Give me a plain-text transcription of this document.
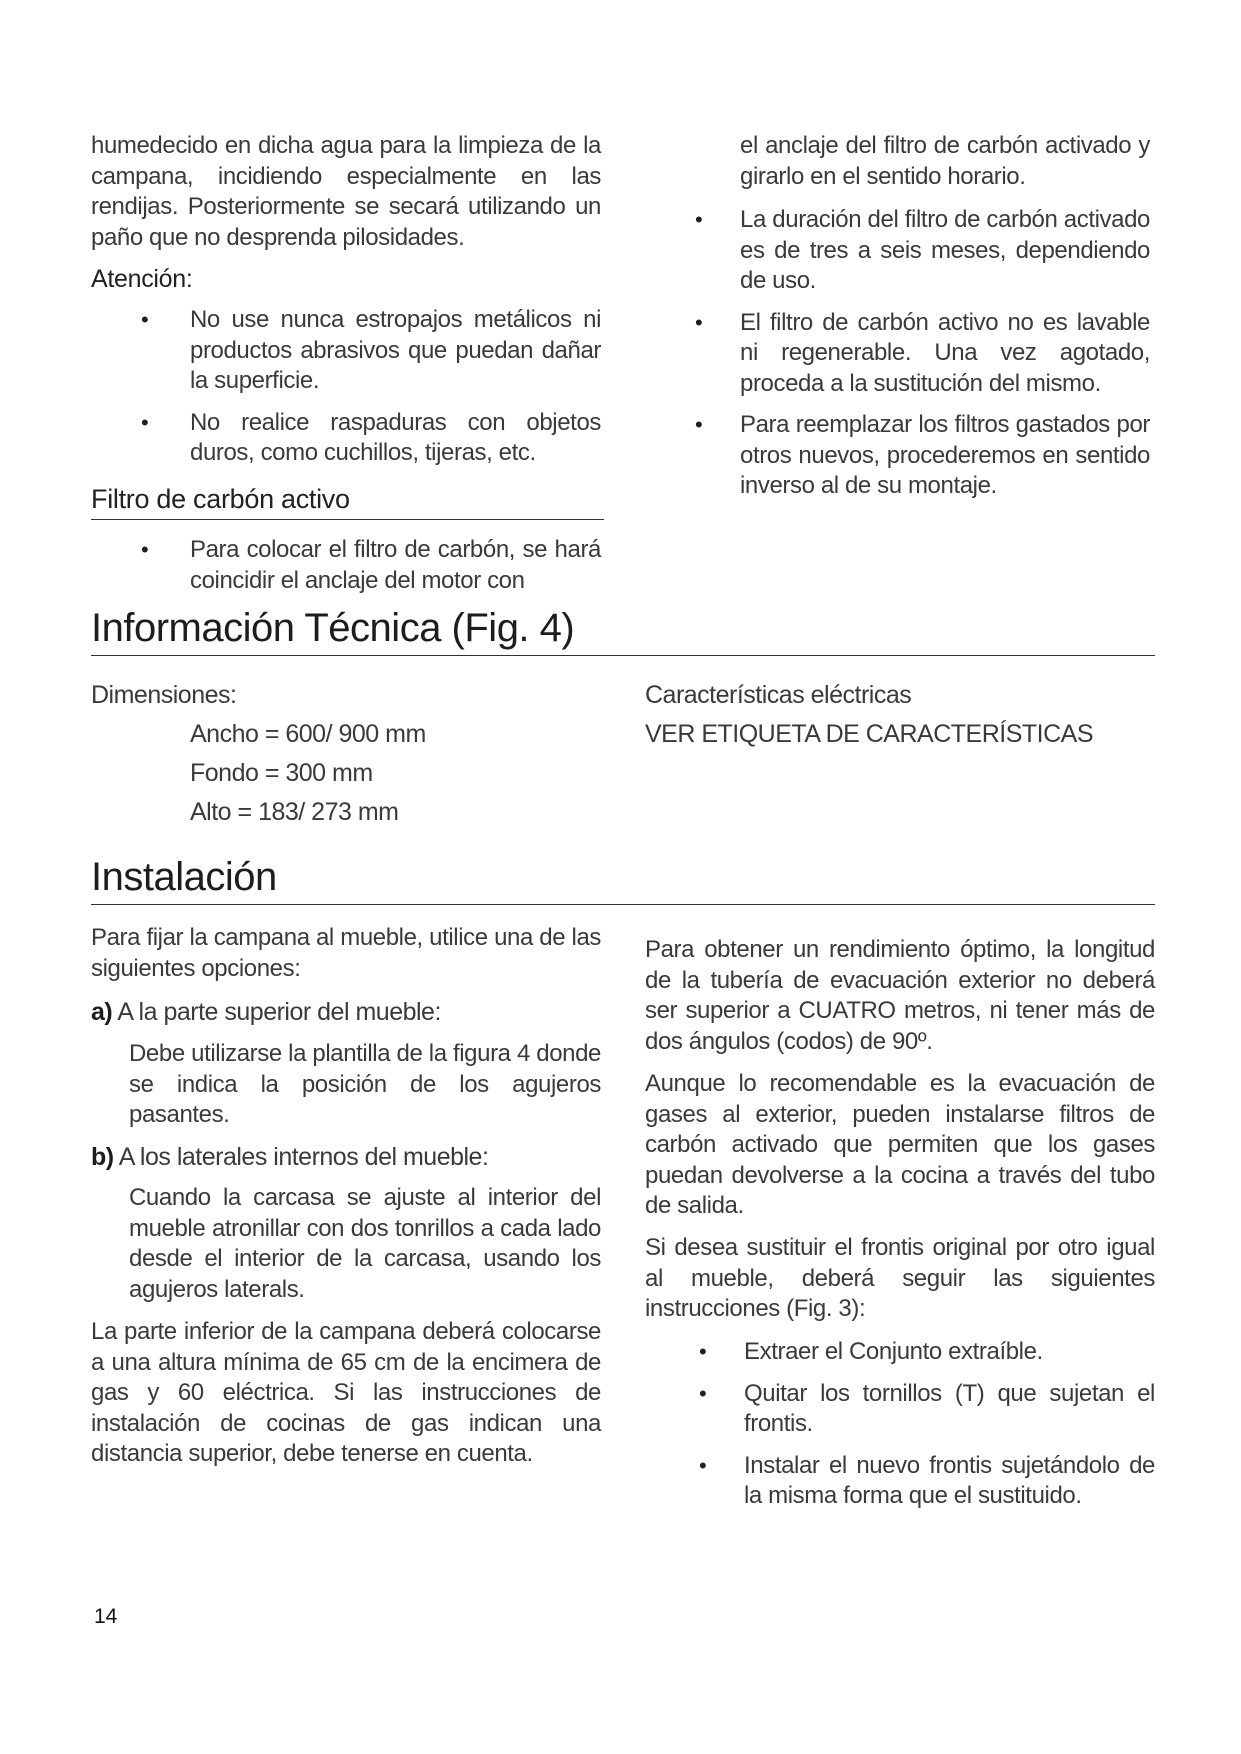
humedecido en dicha agua para la limpieza de la campana, incidiendo especialmente en las rendijas. Posteriormente se secará utilizando un paño que no desprenda pilosidades.
Atención:
• No use nunca estropajos metálicos ni productos abrasivos que puedan dañar la superficie.
• No realice raspaduras con objetos duros, como cuchillos, tijeras, etc.
Filtro de carbón activo
• Para colocar el filtro de carbón, se hará coincidir el anclaje del motor con
el anclaje del filtro de carbón activado y girarlo en el sentido horario.
• La duración del filtro de carbón activado es de tres a seis meses, dependiendo de uso.
• El filtro de carbón activo no es lavable ni regenerable. Una vez agotado, proceda a la sustitución del mismo.
• Para reemplazar los filtros gastados por otros nuevos, procederemos en sentido inverso al de su montaje.
Información Técnica (Fig. 4)
Dimensiones:
Ancho = 600/ 900 mm
Fondo = 300 mm
Alto = 183/ 273 mm
Características eléctricas
VER ETIQUETA DE CARACTERÍSTICAS
Instalación
Para fijar la campana al mueble, utilice una de las siguientes opciones:
a) A la parte superior del mueble:
Debe utilizarse la plantilla de la figura 4 donde se indica la posición de los agujeros pasantes.
b) A los laterales internos del mueble:
Cuando la carcasa se ajuste al interior del mueble atronillar con dos tonrillos a cada lado desde el interior de la carcasa, usando los agujeros laterals.
La parte inferior de la campana deberá colocarse a una altura mínima de 65 cm de la encimera de gas y 60 eléctrica. Si las instrucciones de instalación de cocinas de gas indican una distancia superior, debe tenerse en cuenta.
Para obtener un rendimiento óptimo, la longitud de la tubería de evacuación exterior no deberá ser superior a CUATRO metros, ni tener más de dos ángulos (codos) de 90º.
Aunque lo recomendable es la evacuación de gases al exterior, pueden instalarse filtros de carbón activado que permiten que los gases puedan devolverse a la cocina a través del tubo de salida.
Si desea sustituir el frontis original por otro igual al mueble, deberá seguir las siguientes instrucciones (Fig. 3):
• Extraer el Conjunto extraíble.
• Quitar los tornillos (T) que sujetan el frontis.
• Instalar el nuevo frontis sujetándolo de la misma forma que el sustituido.
14
